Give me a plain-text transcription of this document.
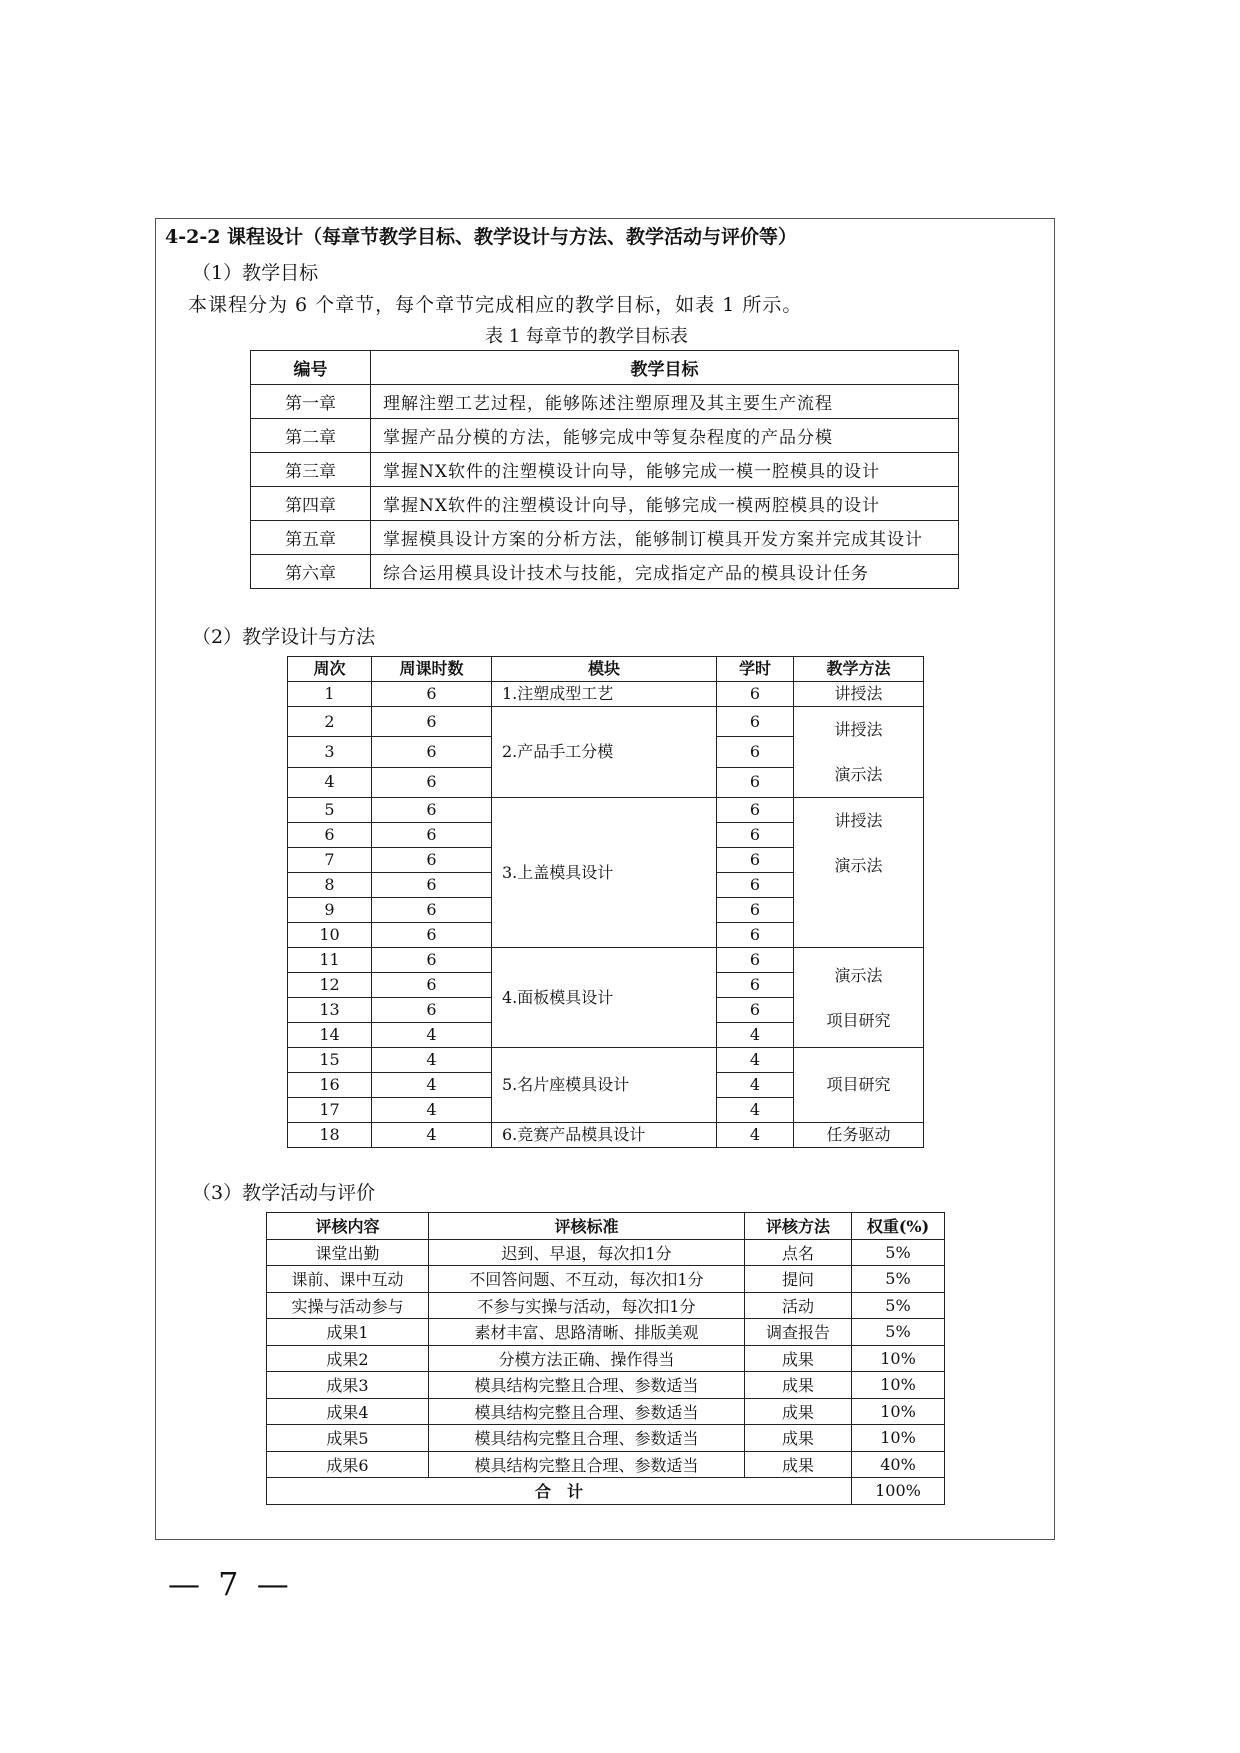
4-2-2 课程设计（每章节教学目标、教学设计与方法、教学活动与评价等）
（1）教学目标
本课程分为 6 个章节，每个章节完成相应的教学目标，如表 1 所示。
表 1 每章节的教学目标表
编号	教学目标
第一章	理解注塑工艺过程，能够陈述注塑原理及其主要生产流程
第二章	掌握产品分模的方法，能够完成中等复杂程度的产品分模
第三章	掌握NX软件的注塑模设计向导，能够完成一模一腔模具的设计
第四章	掌握NX软件的注塑模设计向导，能够完成一模两腔模具的设计
第五章	掌握模具设计方案的分析方法，能够制订模具开发方案并完成其设计
第六章	综合运用模具设计技术与技能，完成指定产品的模具设计任务
（2）教学设计与方法
周次	周课时数	模块	学时	教学方法
1	6	1.注塑成型工艺	6	讲授法
2	6	2.产品手工分模	6	讲授法
演示法

3	6		6	
4	6		6	
5	6	3.上盖模具设计	6	讲授法
演示法

6	6		6	
7	6		6	
8	6		6	
9	6		6	
10	6		6	
11	6	4.面板模具设计	6	演示法
项目研究

12	6		6	
13	6		6	
14	4		4	
15	4	5.名片座模具设计	4	项目研究
16	4		4	
17	4		4	
18	4	6.竞赛产品模具设计	4	任务驱动
（3）教学活动与评价
评核内容	评核标准	评核方法	权重(%)
课堂出勤	迟到、早退，每次扣1分	点名	5%
课前、课中互动	不回答问题、不互动，每次扣1分	提问	5%
实操与活动参与	不参与实操与活动，每次扣1分	活动	5%
成果1	素材丰富、思路清晰、排版美观	调查报告	5%
成果2	分模方法正确、操作得当	成果	10%
成果3	模具结构完整且合理、参数适当	成果	10%
成果4	模具结构完整且合理、参数适当	成果	10%
成果5	模具结构完整且合理、参数适当	成果	10%
成果6	模具结构完整且合理、参数适当	成果	40%
合　计			100%
— 7 —
